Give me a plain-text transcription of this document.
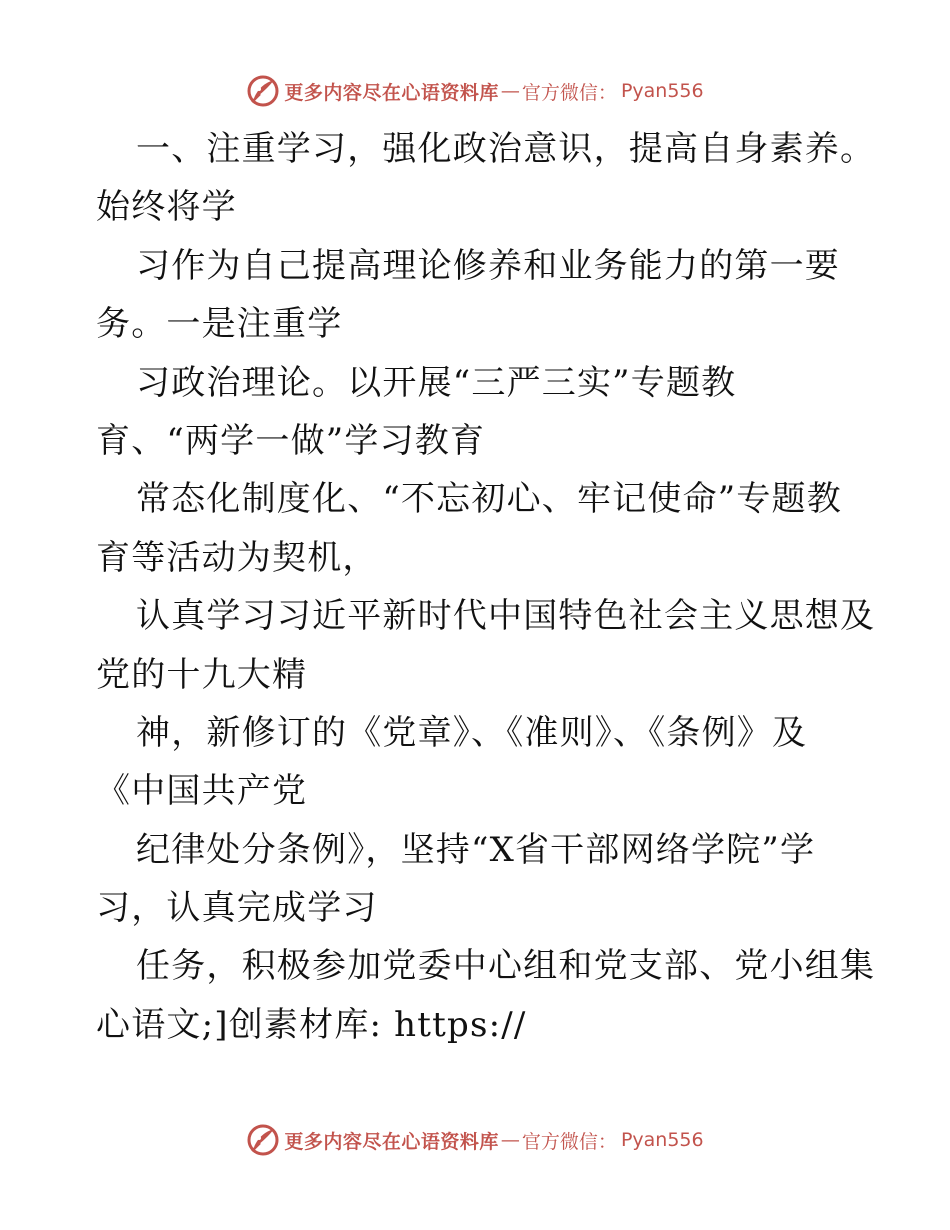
更多内容尽在心语资料库 — 官方微信： Pyan556
一、注重学习，强化政治意识，提高自身素养。
始终将学
习作为自己提高理论修养和业务能力的第一要
务。一是注重学
习政治理论。以开展“三严三实”专题教
育、“两学一做”学习教育
常态化制度化、“不忘初心、牢记使命”专题教
育等活动为契机，
认真学习习近平新时代中国特色社会主义思想及
党的十九大精
神，新修订的《党章》、《准则》、《条例》及
《中国共产党
纪律处分条例》，坚持“X省干部网络学院”学
习，认真完成学习
任务，积极参加党委中心组和党支部、党小组集
心语文;]创素材库: https://
更多内容尽在心语资料库 — 官方微信： Pyan556
